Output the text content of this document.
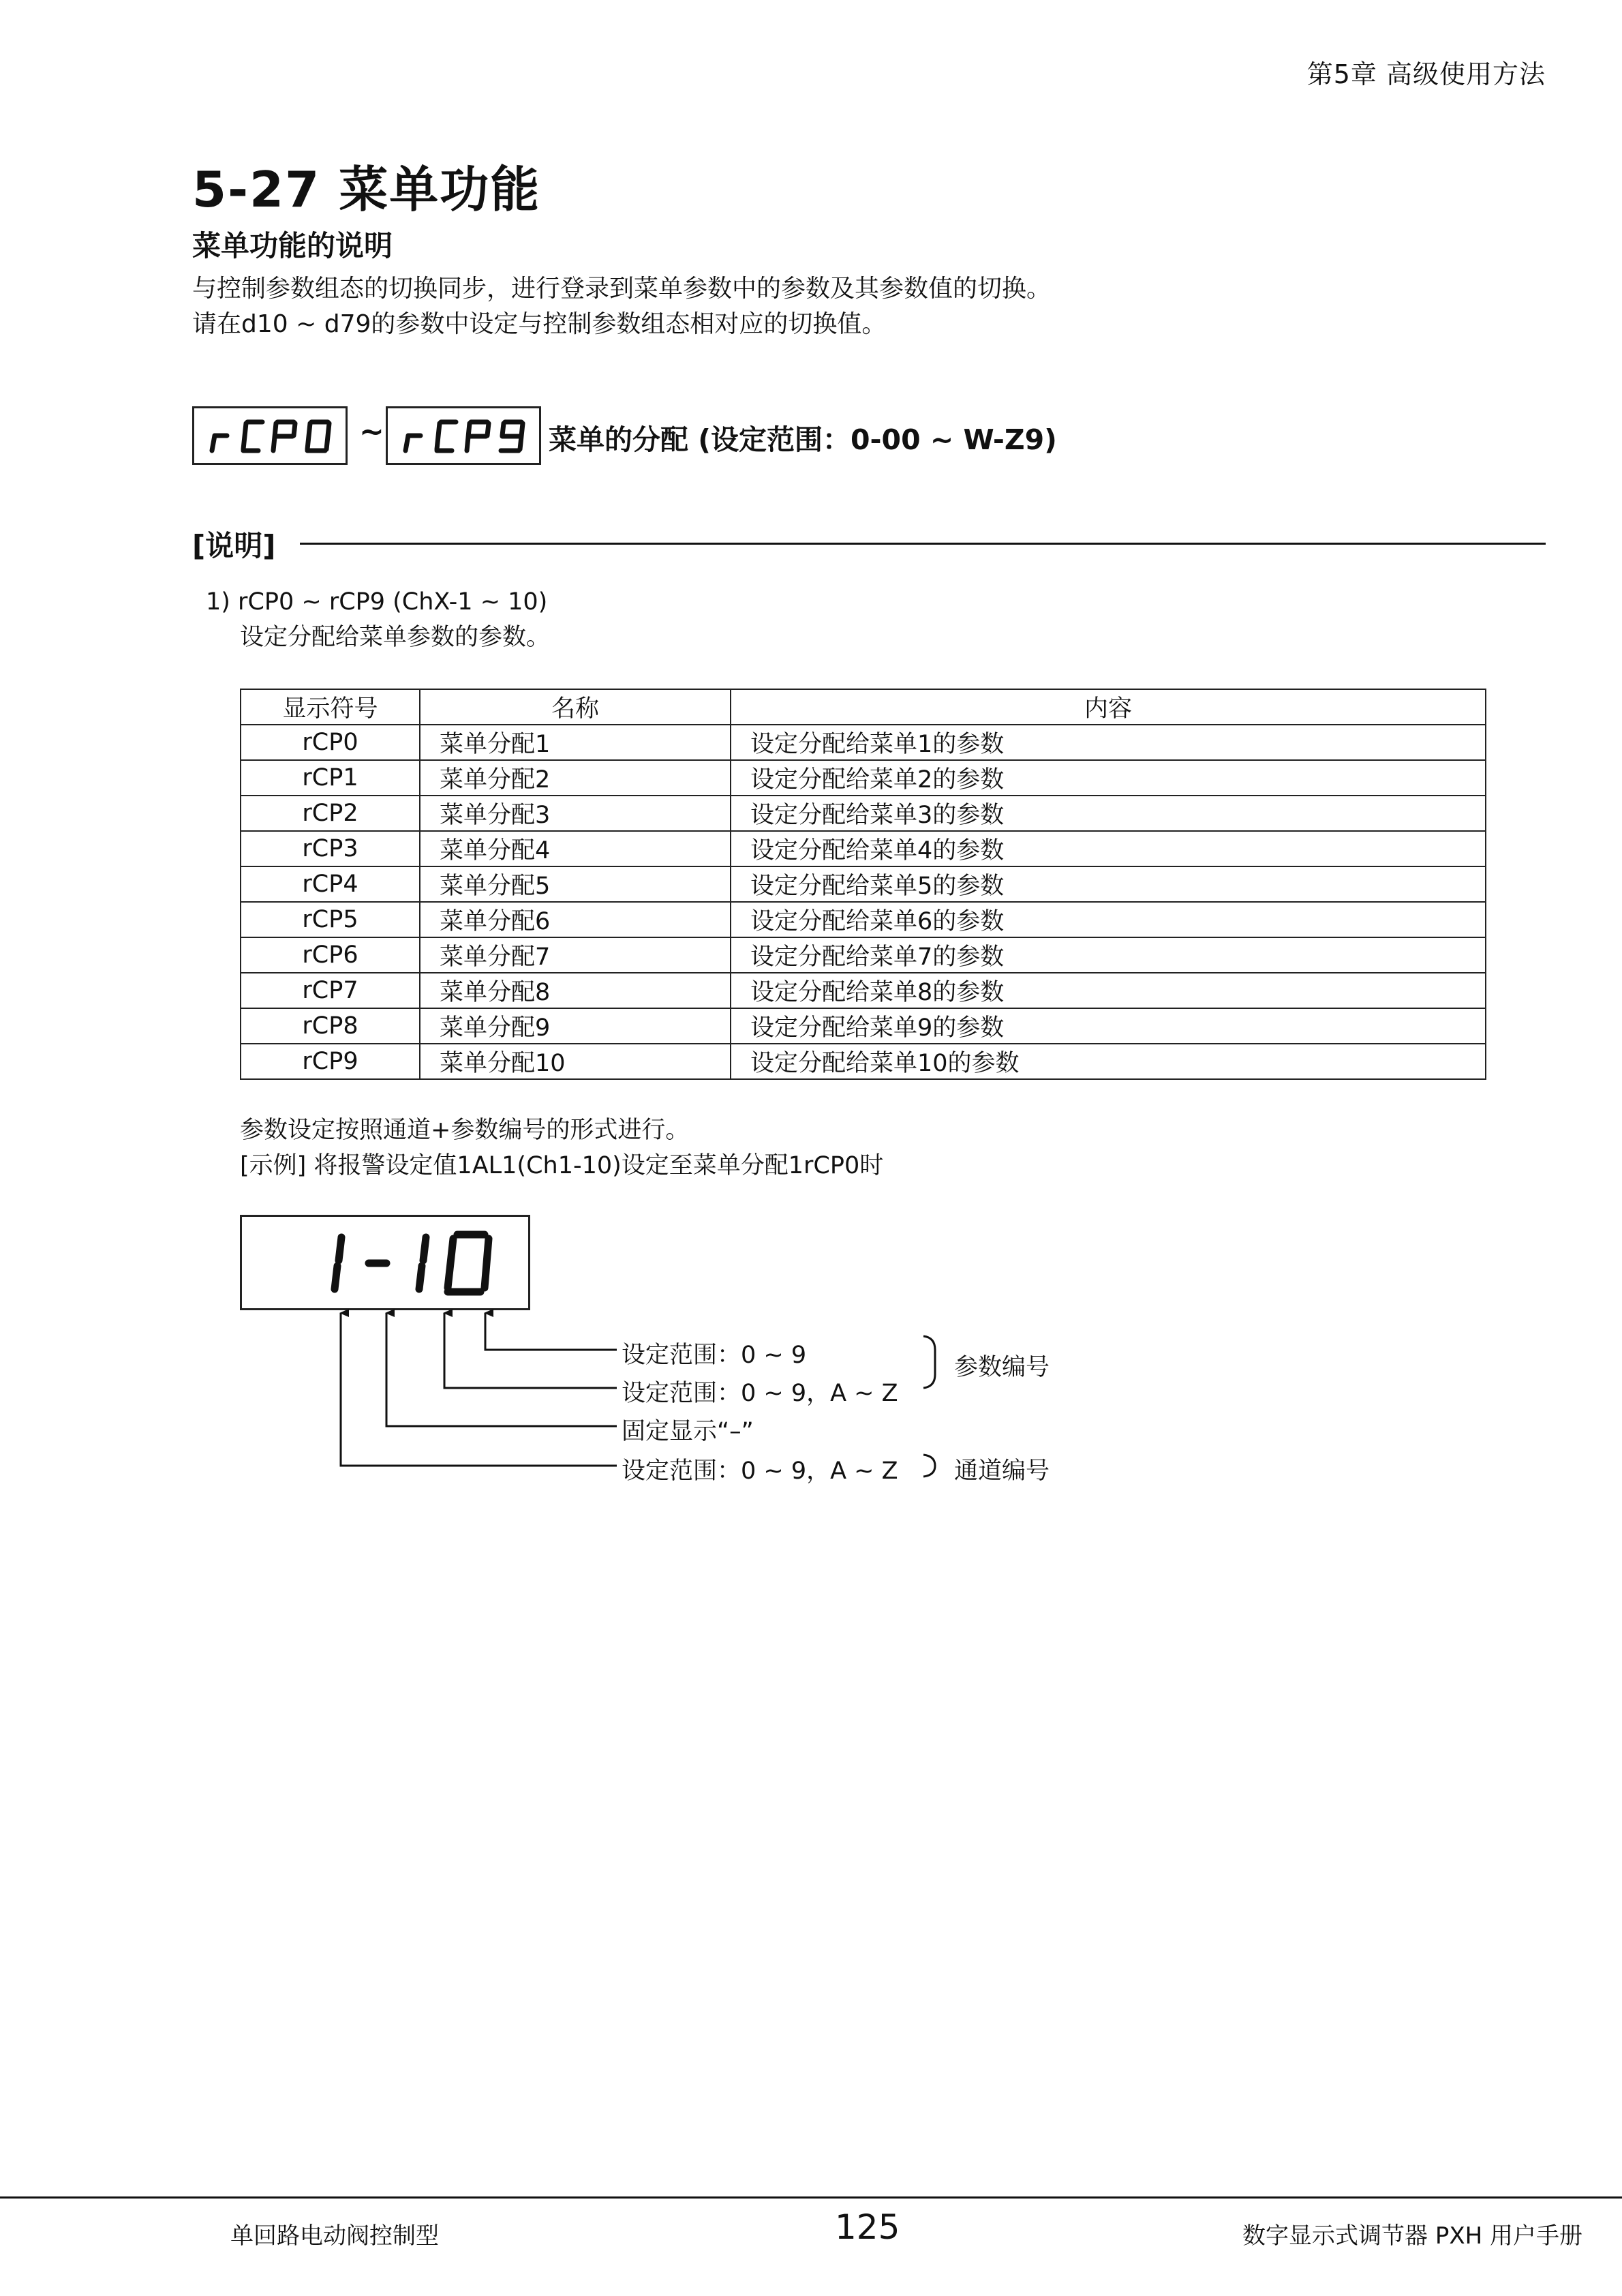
第5章 高级使用方法
5-27 菜单功能
菜单功能的说明
与控制参数组态的切换同步，进行登录到菜单参数中的参数及其参数值的切换。
请在d10 ~ d79的参数中设定与控制参数组态相对应的切换值。
~	菜单的分配 (设定范围：0-00 ~ W-Z9)
[说明]
1) rCP0 ~ rCP9 (ChX-1 ~ 10)
设定分配给菜单参数的参数。
显示符号	名称	内容
rCP0	菜单分配1	设定分配给菜单1的参数
rCP1	菜单分配2	设定分配给菜单2的参数
rCP2	菜单分配3	设定分配给菜单3的参数
rCP3	菜单分配4	设定分配给菜单4的参数
rCP4	菜单分配5	设定分配给菜单5的参数
rCP5	菜单分配6	设定分配给菜单6的参数
rCP6	菜单分配7	设定分配给菜单7的参数
rCP7	菜单分配8	设定分配给菜单8的参数
rCP8	菜单分配9	设定分配给菜单9的参数
rCP9	菜单分配10	设定分配给菜单10的参数
参数设定按照通道+参数编号的形式进行。
[示例] 将报警设定值1AL1(Ch1-10)设定至菜单分配1rCP0时
设定范围：0 ~ 9
设定范围：0 ~ 9，A ~ Z
固定显示“–”
设定范围：0 ~ 9，A ~ Z
参数编号
通道编号
单回路电动阀控制型	125	数字显示式调节器 PXH 用户手册
